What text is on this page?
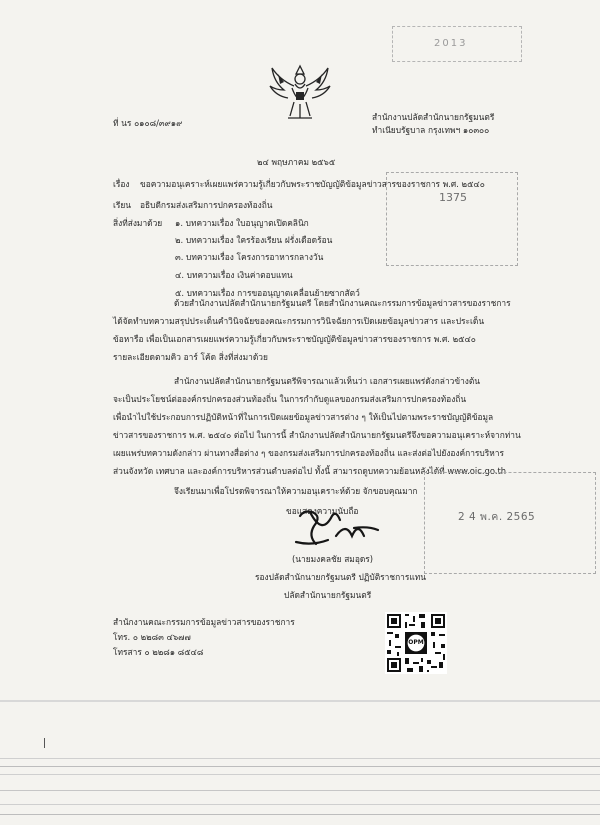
2013
ที่ นร ๐๑๐๘/๓๙๑๙
สำนักงานปลัดสำนักนายกรัฐมนตรี
ทำเนียบรัฐบาล กรุงเทพฯ ๑๐๓๐๐
๒๔ พฤษภาคม ๒๕๖๕
เรื่อง ขอความอนุเคราะห์เผยแพร่ความรู้เกี่ยวกับพระราชบัญญัติข้อมูลข่าวสารของราชการ พ.ศ. ๒๕๔๐
เรียน อธิบดีกรมส่งเสริมการปกครองท้องถิ่น
สิ่งที่ส่งมาด้วย ๑. บทความเรื่อง ใบอนุญาตเปิดคลินิก
๒. บทความเรื่อง ใครร้องเรียน ฝรั่งเดือดร้อน
๓. บทความเรื่อง โครงการอาหารกลางวัน
๔. บทความเรื่อง เงินค่าตอบแทน
๕. บทความเรื่อง การขออนุญาตเคลื่อนย้ายซากสัตว์
1375
ด้วยสำนักงานปลัดสำนักนายกรัฐมนตรี โดยสำนักงานคณะกรรมการข้อมูลข่าวสารของราชการ
ได้จัดทำบทความสรุปประเด็นคำวินิจฉัยของคณะกรรมการวินิจฉัยการเปิดเผยข้อมูลข่าวสาร และประเด็น
ข้อหารือ เพื่อเป็นเอกสารเผยแพร่ความรู้เกี่ยวกับพระราชบัญญัติข้อมูลข่าวสารของราชการ พ.ศ. ๒๕๔๐
รายละเอียดตามคิว อาร์ โค้ด สิ่งที่ส่งมาด้วย
สำนักงานปลัดสำนักนายกรัฐมนตรีพิจารณาแล้วเห็นว่า เอกสารเผยแพร่ดังกล่าวข้างต้น
จะเป็นประโยชน์ต่อองค์กรปกครองส่วนท้องถิ่น ในการกำกับดูแลของกรมส่งเสริมการปกครองท้องถิ่น
เพื่อนำไปใช้ประกอบการปฏิบัติหน้าที่ในการเปิดเผยข้อมูลข่าวสารต่าง ๆ ให้เป็นไปตามพระราชบัญญัติข้อมูล
ข่าวสารของราชการ พ.ศ. ๒๕๔๐ ต่อไป ในการนี้ สำนักงานปลัดสำนักนายกรัฐมนตรีจึงขอความอนุเคราะห์จากท่าน
เผยแพร่บทความดังกล่าว ผ่านทางสื่อต่าง ๆ ของกรมส่งเสริมการปกครองท้องถิ่น และส่งต่อไปยังองค์การบริหาร
ส่วนจังหวัด เทศบาล และองค์การบริหารส่วนตำบลต่อไป ทั้งนี้ สามารถดูบทความย้อนหลังได้ที่ www.oic.go.th
จึงเรียนมาเพื่อโปรดพิจารณาให้ความอนุเคราะห์ด้วย จักขอบคุณมาก
2 4 พ.ค. 2565
ขอแสดงความนับถือ
(นายมงคลชัย สมอุดร)
รองปลัดสำนักนายกรัฐมนตรี ปฏิบัติราชการแทน
ปลัดสำนักนายกรัฐมนตรี
สำนักงานคณะกรรมการข้อมูลข่าวสารของราชการ
โทร. ๐ ๒๒๘๓ ๔๖๗๗
โทรสาร ๐ ๒๒๘๑ ๘๕๔๘
OPM
